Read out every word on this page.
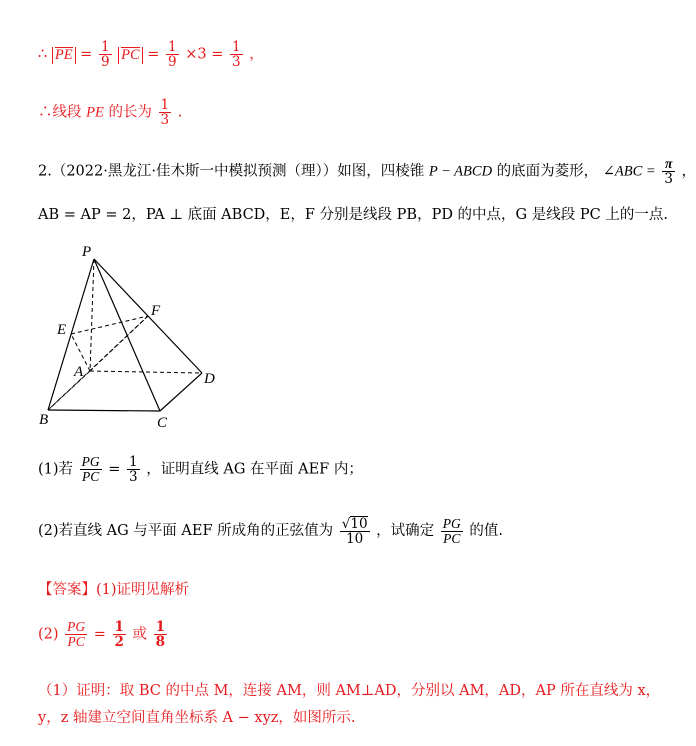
∴ PE = $\frac{1}{9}$ PC = $\frac{1}{9} \times 3 = \frac{1}{3}$ ，
∴线段 PE 的长为 $\frac{1}{3}$ .
2.（2022·黑龙江·佳木斯一中模拟预测（理））如图，四棱锥 P − ABCD 的底面为菱形， ∠ABC = $\frac{\pi}{3}$ ，
AB = AP = 2，PA ⊥ 底面 ABCD，E，F 分别是线段 PB，PD 的中点，G 是线段 PC 上的一点.
P
F
E
A	D
B	C
(1)若 $\frac{PG}{PC} = \frac{1}{3}$ ，证明直线 AG 在平面 AEF 内；
(2)若直线 AG 与平面 AEF 所成角的正弦值为 $\frac{√10}{10}$ ，试确定 $\frac{PG}{PC}$ 的值.
【答案】(1)证明见解析
$(2) \frac{PG}{PC} = \frac{1}{2}$ 或 $\frac{1}{8}$
（1）证明：取 BC 的中点 M，连接 AM，则 AM⊥AD，分别以 AM，AD，AP 所在直线为 x，
y，z 轴建立空间直角坐标系 A − xyz，如图所示.
